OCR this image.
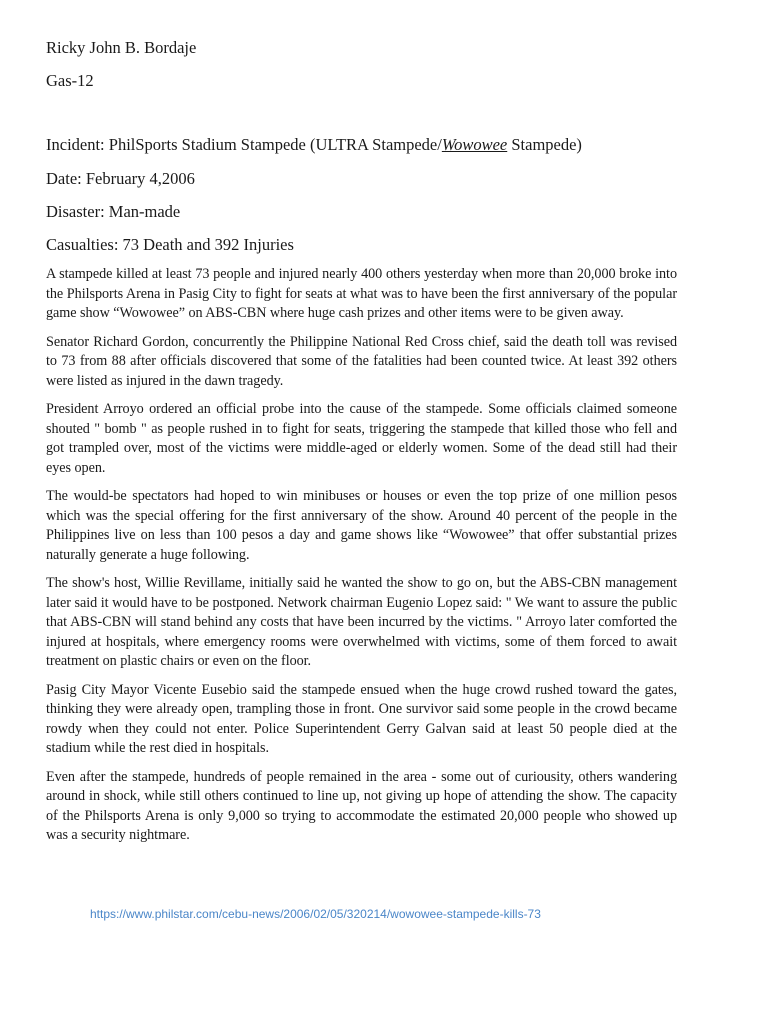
Ricky John B. Bordaje
Gas-12
Incident: PhilSports Stadium Stampede (ULTRA Stampede/Wowowee Stampede)
Date: February 4,2006
Disaster: Man-made
Casualties: 73 Death and 392 Injuries

A stampede killed at least 73 people and injured nearly 400 others yesterday when more than 20,000 broke into the Philsports Arena in Pasig City to fight for seats at what was to have been the first anniversary of the popular game show “Wowowee” on ABS-CBN where huge cash prizes and other items were to be given away.

Senator Richard Gordon, concurrently the Philippine National Red Cross chief, said the death toll was revised to 73 from 88 after officials discovered that some of the fatalities had been counted twice. At least 392 others were listed as injured in the dawn tragedy.

President Arroyo ordered an official probe into the cause of the stampede. Some officials claimed someone shouted " bomb " as people rushed in to fight for seats, triggering the stampede that killed those who fell and got trampled over, most of the victims were middle-aged or elderly women. Some of the dead still had their eyes open.

The would-be spectators had hoped to win minibuses or houses or even the top prize of one million pesos which was the special offering for the first anniversary of the show. Around 40 percent of the people in the Philippines live on less than 100 pesos a day and game shows like “Wowowee” that offer substantial prizes naturally generate a huge following.

The show's host, Willie Revillame, initially said he wanted the show to go on, but the ABS-CBN management later said it would have to be postponed. Network chairman Eugenio Lopez said: " We want to assure the public that ABS-CBN will stand behind any costs that have been incurred by the victims. " Arroyo later comforted the injured at hospitals, where emergency rooms were overwhelmed with victims, some of them forced to await treatment on plastic chairs or even on the floor.

Pasig City Mayor Vicente Eusebio said the stampede ensued when the huge crowd rushed toward the gates, thinking they were already open, trampling those in front. One survivor said some people in the crowd became rowdy when they could not enter. Police Superintendent Gerry Galvan said at least 50 people died at the stadium while the rest died in hospitals.

Even after the stampede, hundreds of people remained in the area - some out of curiousity, others wandering around in shock, while still others continued to line up, not giving up hope of attending the show. The capacity of the Philsports Arena is only 9,000 so trying to accommodate the estimated 20,000 people who showed up was a security nightmare.

https://www.philstar.com/cebu-news/2006/02/05/320214/wowowee-stampede-kills-73
